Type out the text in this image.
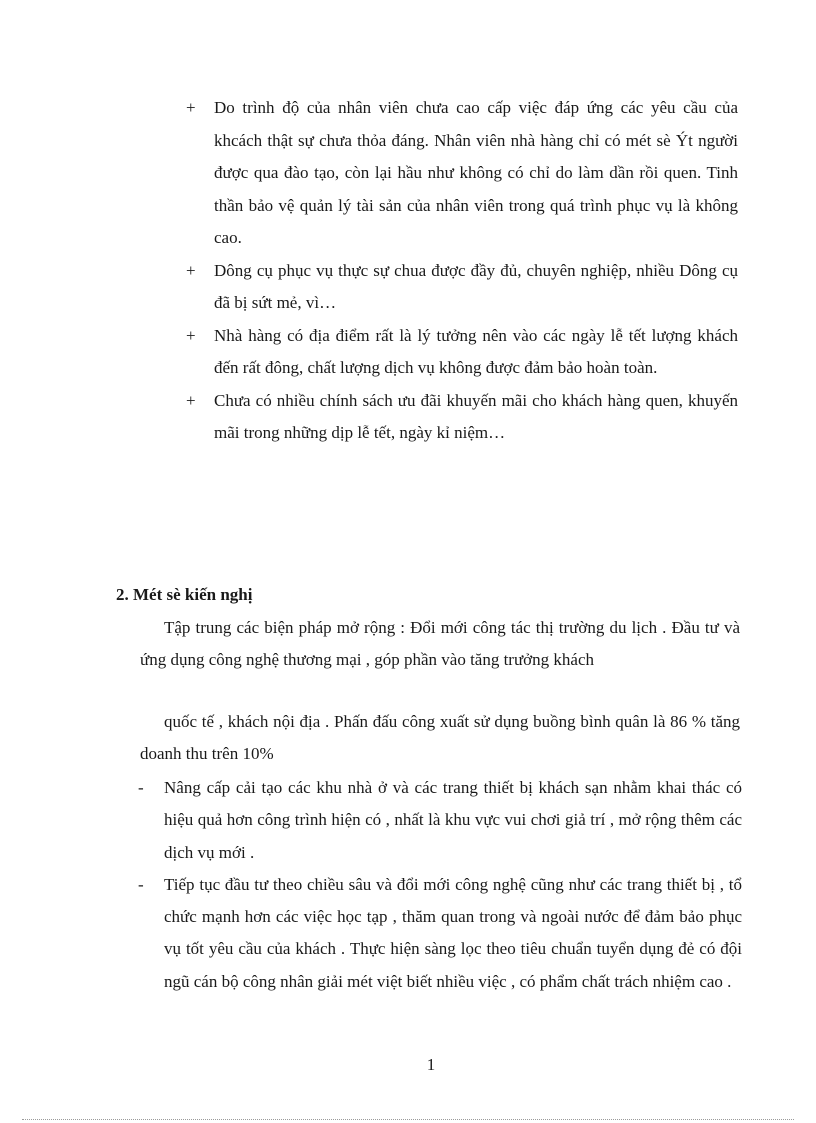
+	Do trình độ của nhân viên chưa cao cấp việc đáp ứng các yêu cầu của khcách thật sự chưa thỏa đáng. Nhân viên nhà hàng chỉ có mét sè Ýt người được qua đào tạo, còn lại hầu như không có chỉ do làm dần rồi quen. Tinh thần bảo vệ quản lý tài sản của nhân viên trong quá trình phục vụ là không cao.
+	Dông cụ phục vụ thực sự chua được đầy đủ, chuyên nghiệp, nhiều Dông cụ đã bị sứt mẻ, vì…
+	Nhà hàng có địa điểm rất là lý tưởng nên vào các ngày lễ tết lượng khách đến rất đông, chất lượng dịch vụ không được đảm bảo hoàn toàn.
+	Chưa có nhiều chính sách ưu đãi khuyến mãi cho khách hàng quen, khuyến mãi trong những dịp lễ tết, ngày kỉ niệm…
2. Mét sè kiến nghị
Tập trung các biện pháp mở rộng : Đổi mới công tác thị trường du lịch . Đầu tư và ứng dụng công nghệ thương mại , góp phần vào tăng trưởng khách
quốc tế , khách nội địa . Phấn đấu công xuất sử dụng buồng bình quân là 86 % tăng doanh thu trên 10%
-	Nâng cấp cải tạo các khu nhà ở và các trang thiết bị khách sạn nhằm khai thác có hiệu quả hơn công trình hiện có , nhất là khu vực vui chơi giả trí , mở rộng thêm các dịch vụ mới .
-	Tiếp tục đầu tư theo chiều sâu và đổi mới công nghệ cũng như các trang thiết bị , tổ chức mạnh hơn các việc học tạp , thăm quan trong và ngoài nước để đảm bảo phục vụ tốt yêu cầu của khách . Thực hiện sàng lọc theo tiêu chuẩn tuyển dụng đẻ có đội ngũ cán bộ công nhân giải mét việt biết nhiều việc , có phẩm chất trách nhiệm cao .
1
